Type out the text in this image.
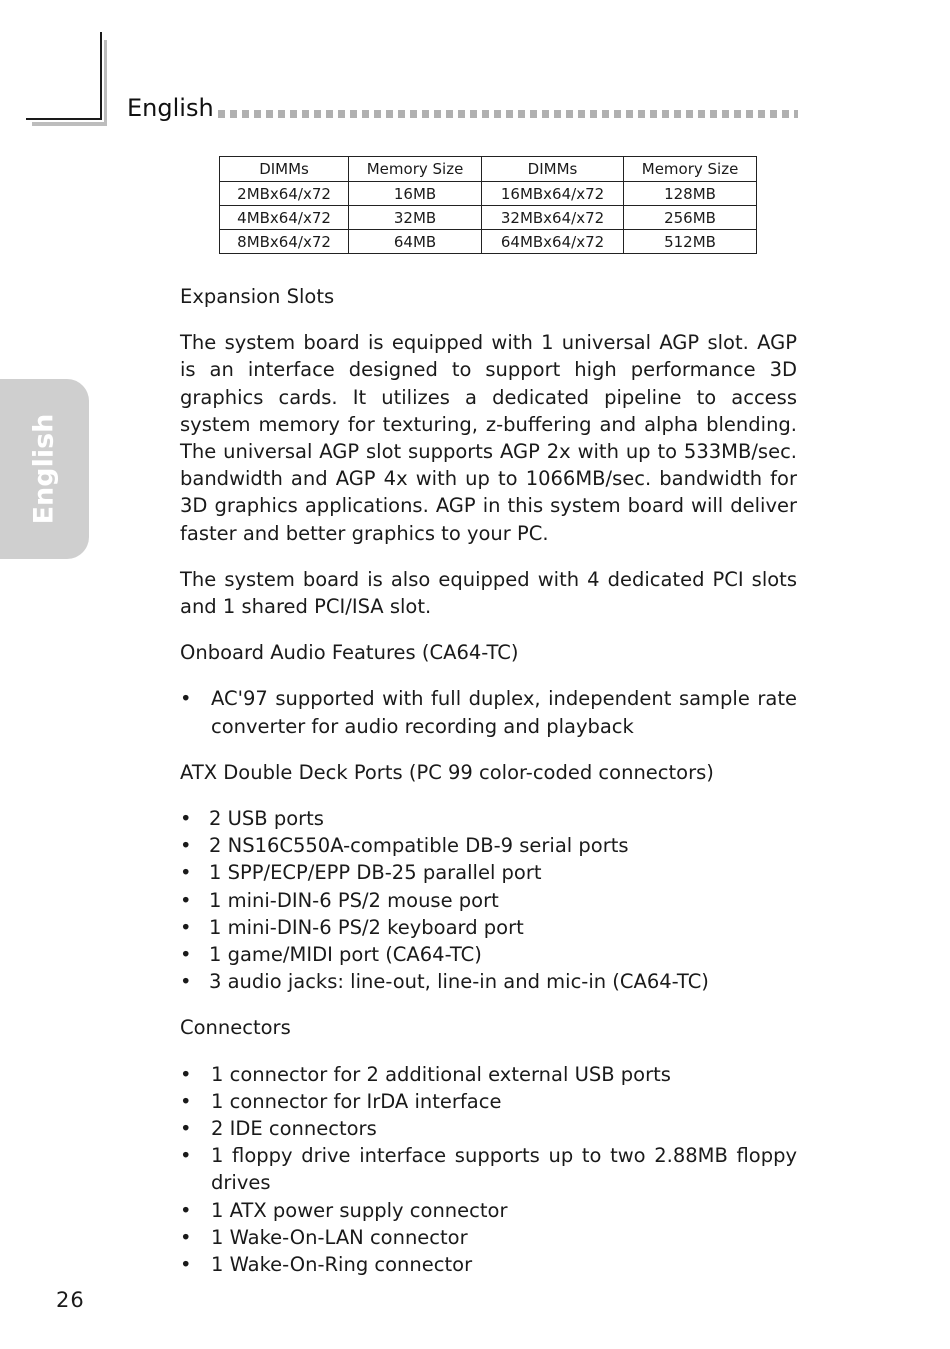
English
English
DIMMs	Memory Size	DIMMs	Memory Size
2MBx64/x72	16MB	16MBx64/x72	128MB
4MBx64/x72	32MB	32MBx64/x72	256MB
8MBx64/x72	64MB	64MBx64/x72	512MB

Expansion Slots

The system board is equipped with 1 universal AGP slot. AGP is an interface designed to support high performance 3D graphics cards. It utilizes a dedicated pipeline to access system memory for texturing, z-buffering and alpha blending. The universal AGP slot supports AGP 2x with up to 533MB/sec. bandwidth and AGP 4x with up to 1066MB/sec. bandwidth for 3D graphics applications. AGP in this system board will deliver faster and better graphics to your PC.

The system board is also equipped with 4 dedicated PCI slots and 1 shared PCI/ISA slot.

Onboard Audio Features (CA64-TC)

• AC'97 supported with full duplex, independent sample rate converter for audio recording and playback

ATX Double Deck Ports (PC 99 color-coded connectors)

• 2 USB ports
• 2 NS16C550A-compatible DB-9 serial ports
• 1 SPP/ECP/EPP DB-25 parallel port
• 1 mini-DIN-6 PS/2 mouse port
• 1 mini-DIN-6 PS/2 keyboard port
• 1 game/MIDI port (CA64-TC)
• 3 audio jacks: line-out, line-in and mic-in (CA64-TC)

Connectors

• 1 connector for 2 additional external USB ports
• 1 connector for IrDA interface
• 2 IDE connectors
• 1 floppy drive interface supports up to two 2.88MB floppy drives
• 1 ATX power supply connector
• 1 Wake-On-LAN connector
• 1 Wake-On-Ring connector
26
